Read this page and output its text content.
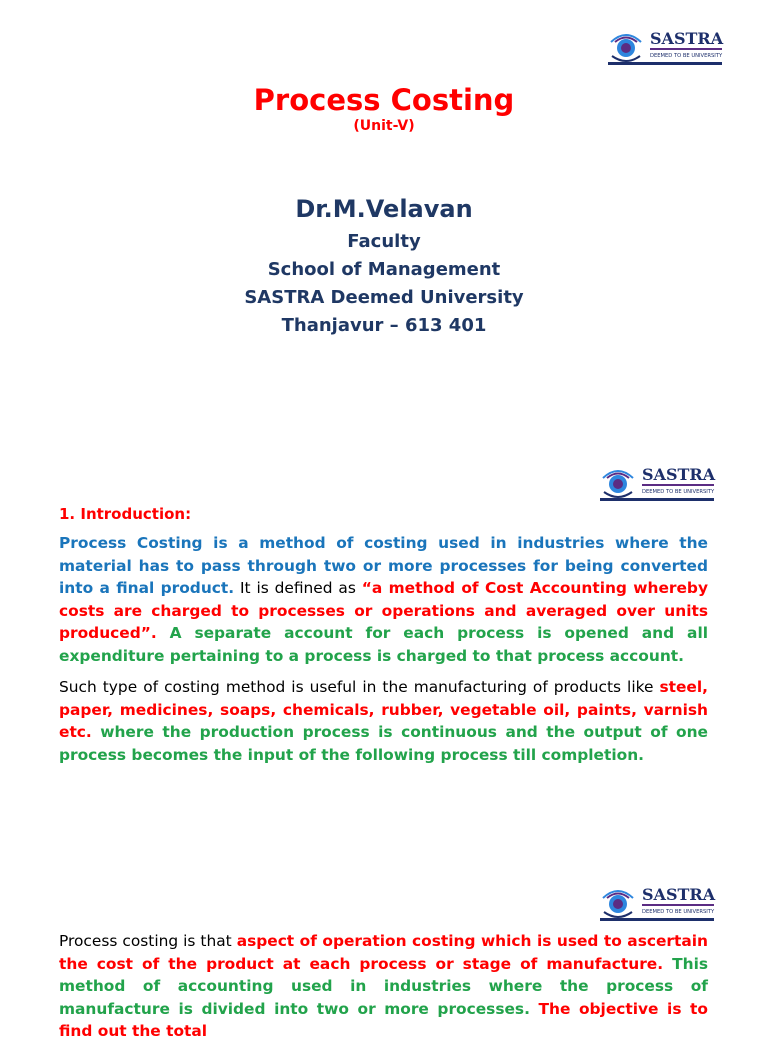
SASTRA
DEEMED TO BE UNIVERSITY
Process Costing
(Unit-V)
Dr.M.Velavan
Faculty
School of Management
SASTRA Deemed University
Thanjavur – 613 401
SASTRA
DEEMED TO BE UNIVERSITY
1. Introduction:

Process Costing is a method of costing used in industries where the material has to pass through two or more processes for being converted into a final product. It is defined as “a method of Cost Accounting whereby costs are charged to processes or operations and averaged over units produced”. A separate account for each process is opened and all expenditure pertaining to a process is charged to that process account.

Such type of costing method is useful in the manufacturing of products like steel, paper, medicines, soaps, chemicals, rubber, vegetable oil, paints, varnish etc. where the production process is continuous and the output of one process becomes the input of the following process till completion.

SASTRA
DEEMED TO BE UNIVERSITY

Process costing is that aspect of operation costing which is used to ascertain the cost of the product at each process or stage of manufacture. This method of accounting used in industries where the process of manufacture is divided into two or more processes. The objective is to find out the total
